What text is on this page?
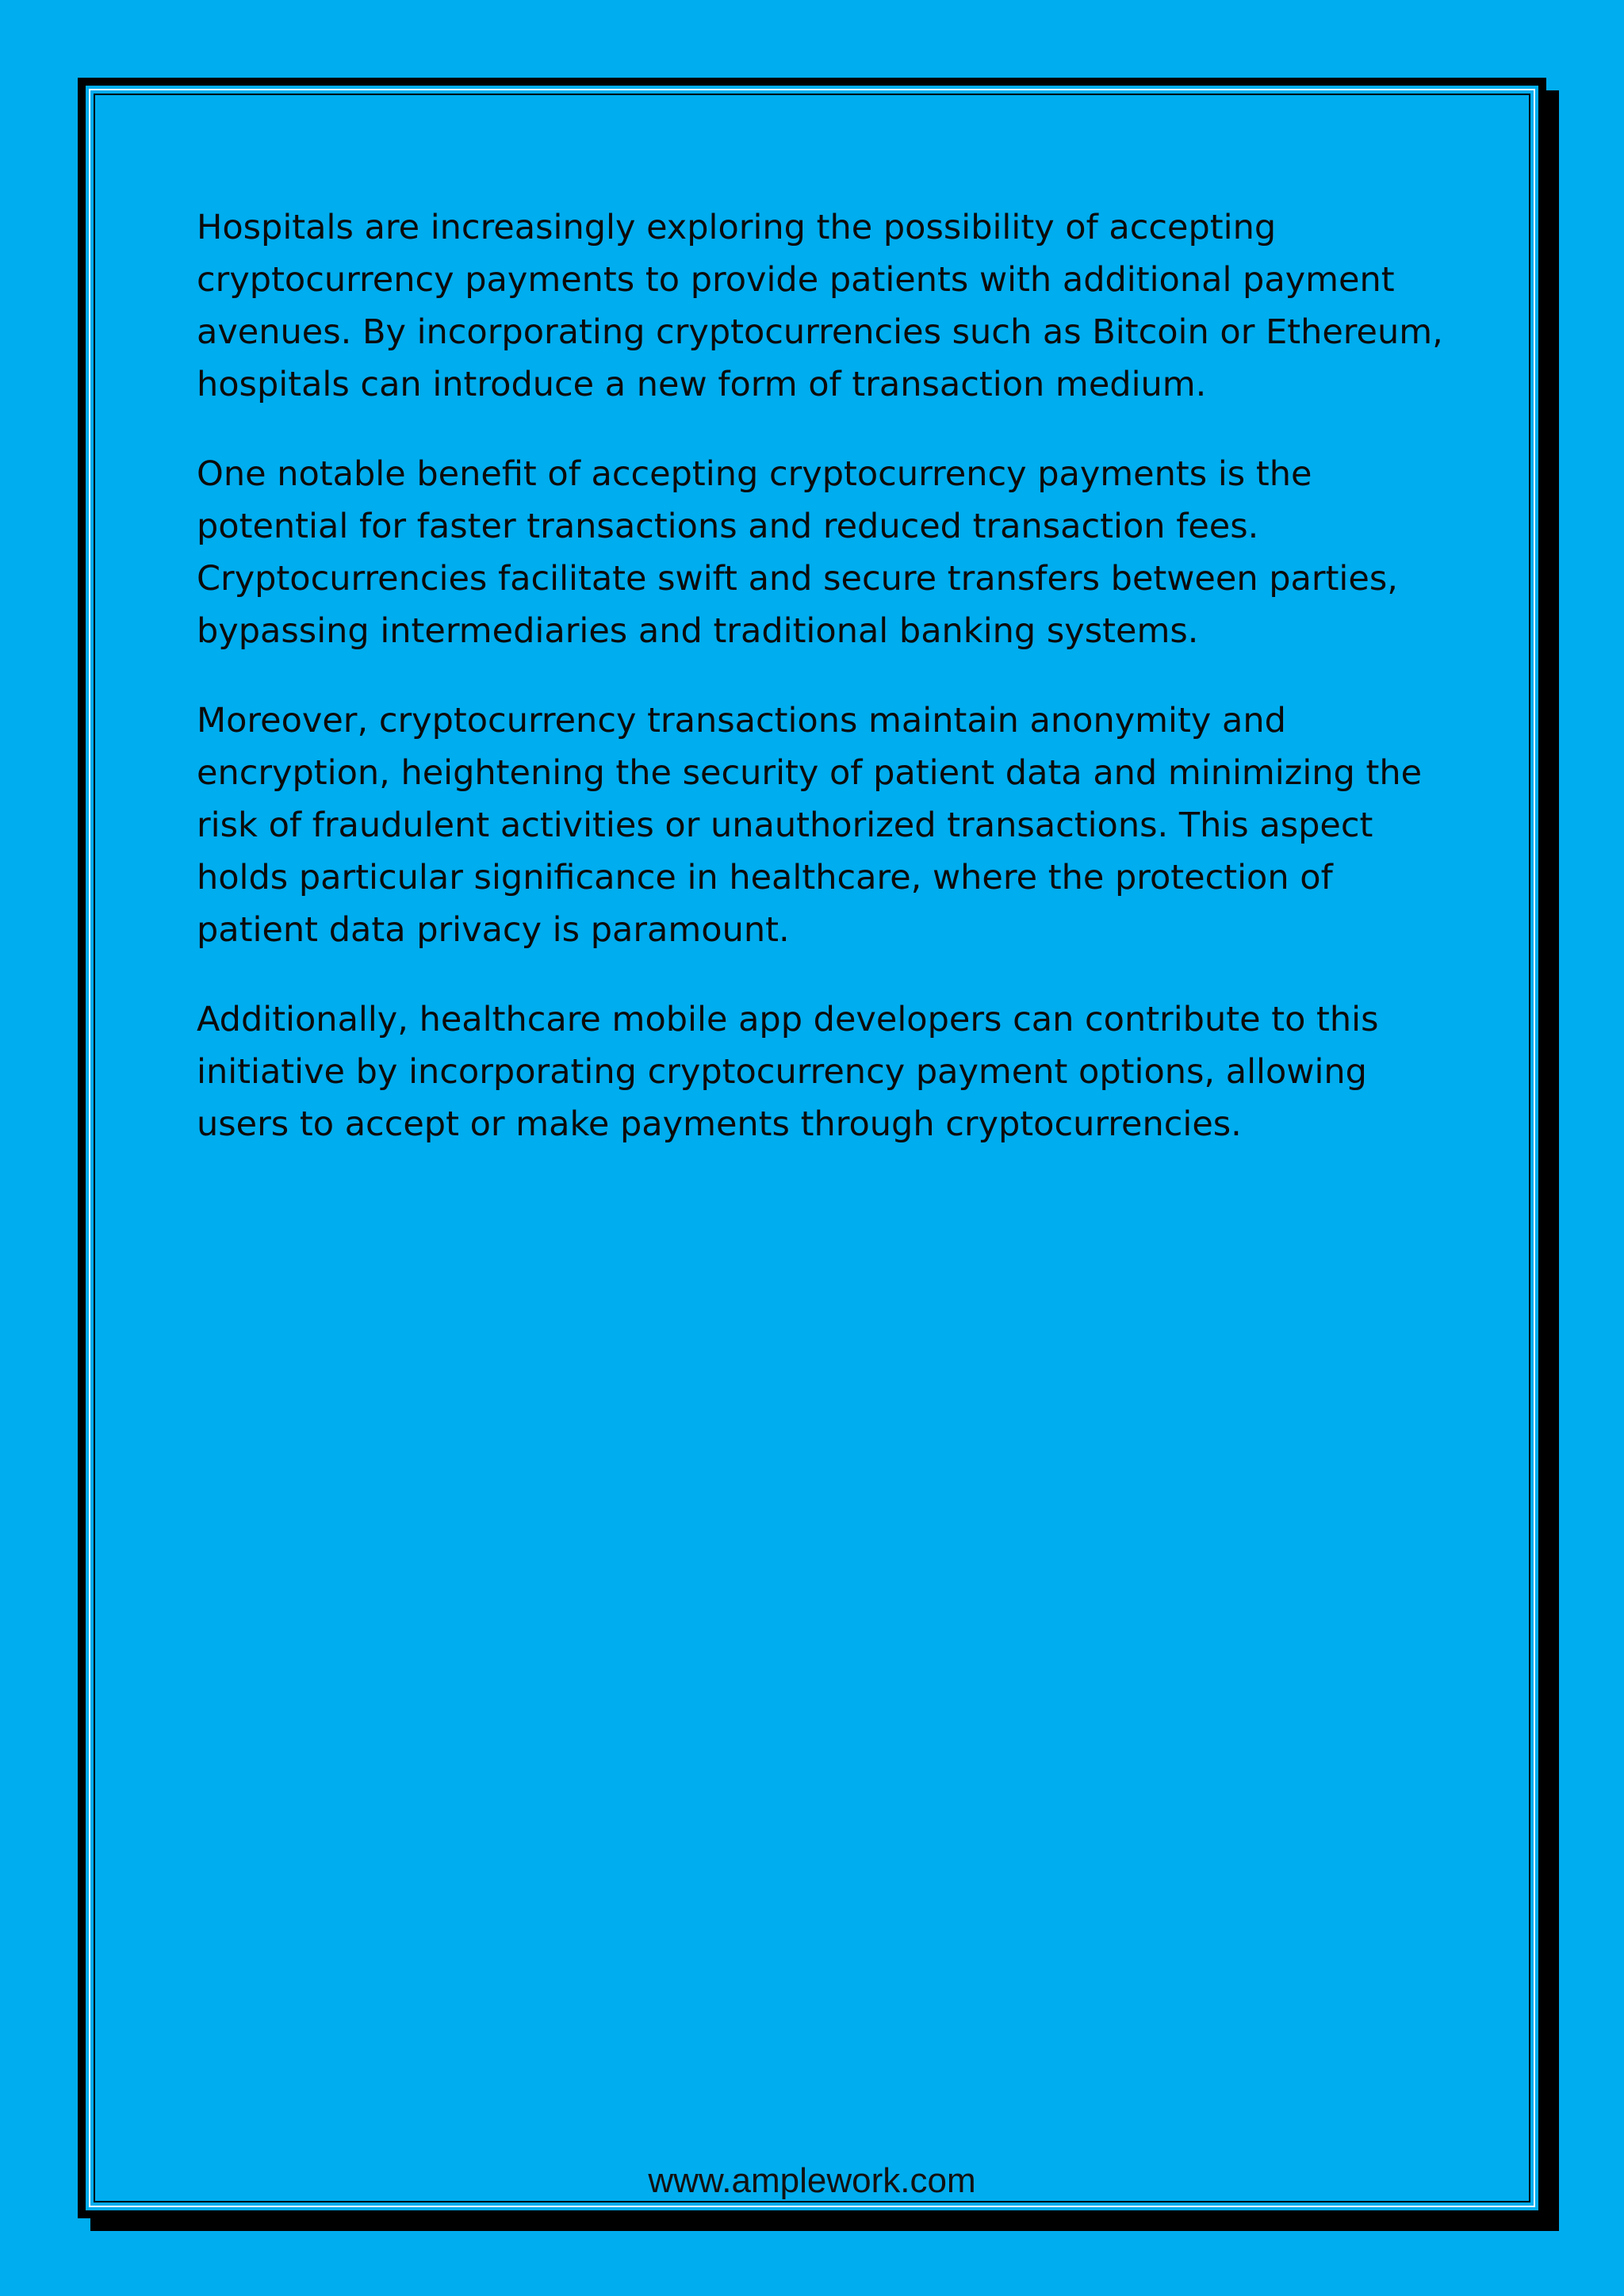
Hospitals are increasingly exploring the possibility of accepting
cryptocurrency payments to provide patients with additional payment
avenues. By incorporating cryptocurrencies such as Bitcoin or Ethereum,
hospitals can introduce a new form of transaction medium.

One notable benefit of accepting cryptocurrency payments is the
potential for faster transactions and reduced transaction fees.
Cryptocurrencies facilitate swift and secure transfers between parties,
bypassing intermediaries and traditional banking systems.

Moreover, cryptocurrency transactions maintain anonymity and
encryption, heightening the security of patient data and minimizing the
risk of fraudulent activities or unauthorized transactions. This aspect
holds particular significance in healthcare, where the protection of
patient data privacy is paramount.

Additionally, healthcare mobile app developers can contribute to this
initiative by incorporating cryptocurrency payment options, allowing
users to accept or make payments through cryptocurrencies.

www.amplework.com
